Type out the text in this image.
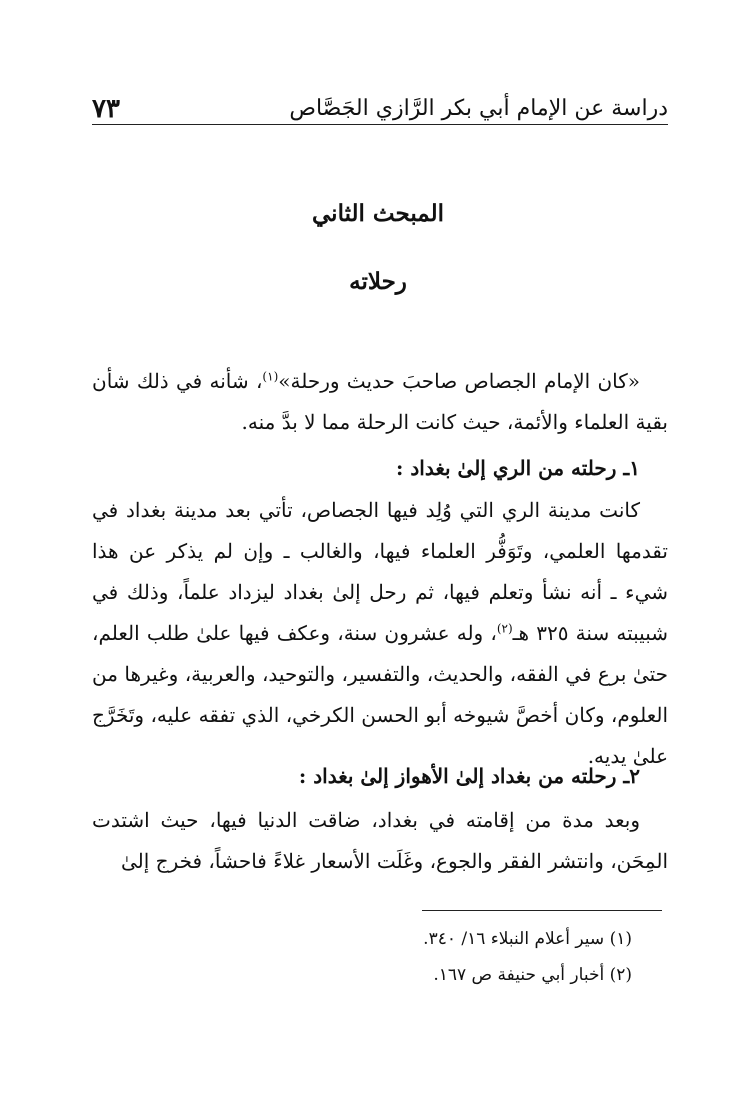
دراسة عن الإمام أبي بكر الرَّازي الجَصَّاص
٧٣
المبحث الثاني
رحلاته
«كان الإمام الجصاص صاحبَ حديث ورحلة»$^{(١)}$، شأنه في ذلك شأن بقية العلماء والأئمة، حيث كانت الرحلة مما لا بدَّ منه.
١ـ رحلته من الري إلىٰ بغداد :
كانت مدينة الري التي وُلِد فيها الجصاص، تأتي بعد مدينة بغداد في تقدمها العلمي، وتَوَفُّر العلماء فيها، والغالب ـ وإن لم يذكر عن هذا شيء ـ أنه نشأ وتعلم فيها، ثم رحل إلىٰ بغداد ليزداد علماً، وذلك في شبيبته سنة ٣٢٥ هـ$^{(٢)}$، وله عشرون سنة، وعكف فيها علىٰ طلب العلم، حتىٰ برع في الفقه، والحديث، والتفسير، والتوحيد، والعربية، وغيرها من العلوم، وكان أخصَّ شيوخه أبو الحسن الكرخي، الذي تفقه عليه، وتَخَرَّج علىٰ يديه.
٢ـ رحلته من بغداد إلىٰ الأهواز إلىٰ بغداد :
وبعد مدة من إقامته في بغداد، ضاقت الدنيا فيها، حيث اشتدت المِحَن، وانتشر الفقر والجوع، وغَلَت الأسعار غلاءً فاحشاً، فخرج إلىٰ
(١) سير أعلام النبلاء ١٦/ ٣٤٠.
(٢) أخبار أبي حنيفة ص ١٦٧.
